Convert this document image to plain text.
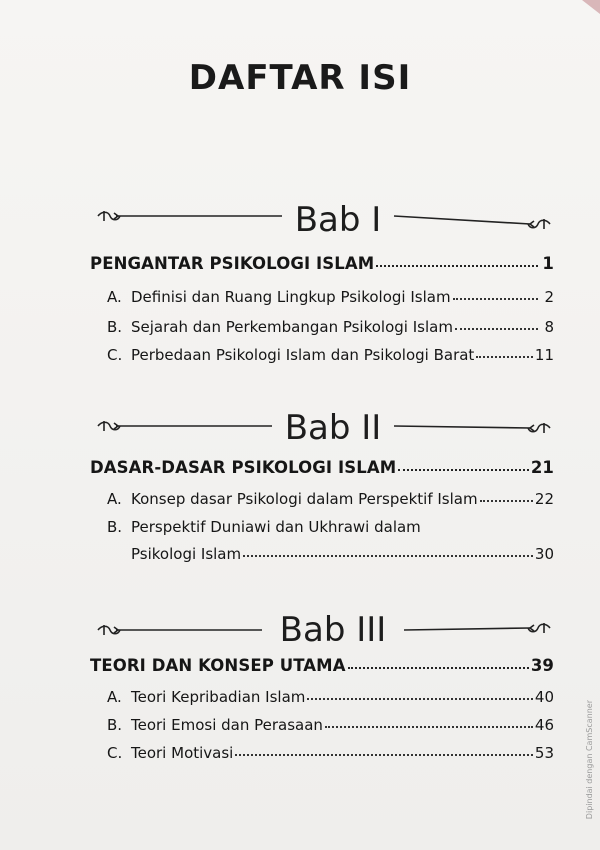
DAFTAR ISI
Bab I
PENGANTAR PSIKOLOGI ISLAM	1
A. Definisi dan Ruang Lingkup Psikologi Islam	2
B. Sejarah dan Perkembangan Psikologi Islam	8
C. Perbedaan Psikologi Islam dan Psikologi Barat	11
Bab II
DASAR-DASAR PSIKOLOGI ISLAM	21
A. Konsep dasar Psikologi dalam Perspektif Islam	22
B. Perspektif Duniawi dan Ukhrawi dalam
Psikologi Islam	30
Bab III
TEORI DAN KONSEP UTAMA	39
A. Teori Kepribadian Islam	40
B. Teori Emosi dan Perasaan	46
C. Teori Motivasi	53	Dipindai dengan CamScanner
